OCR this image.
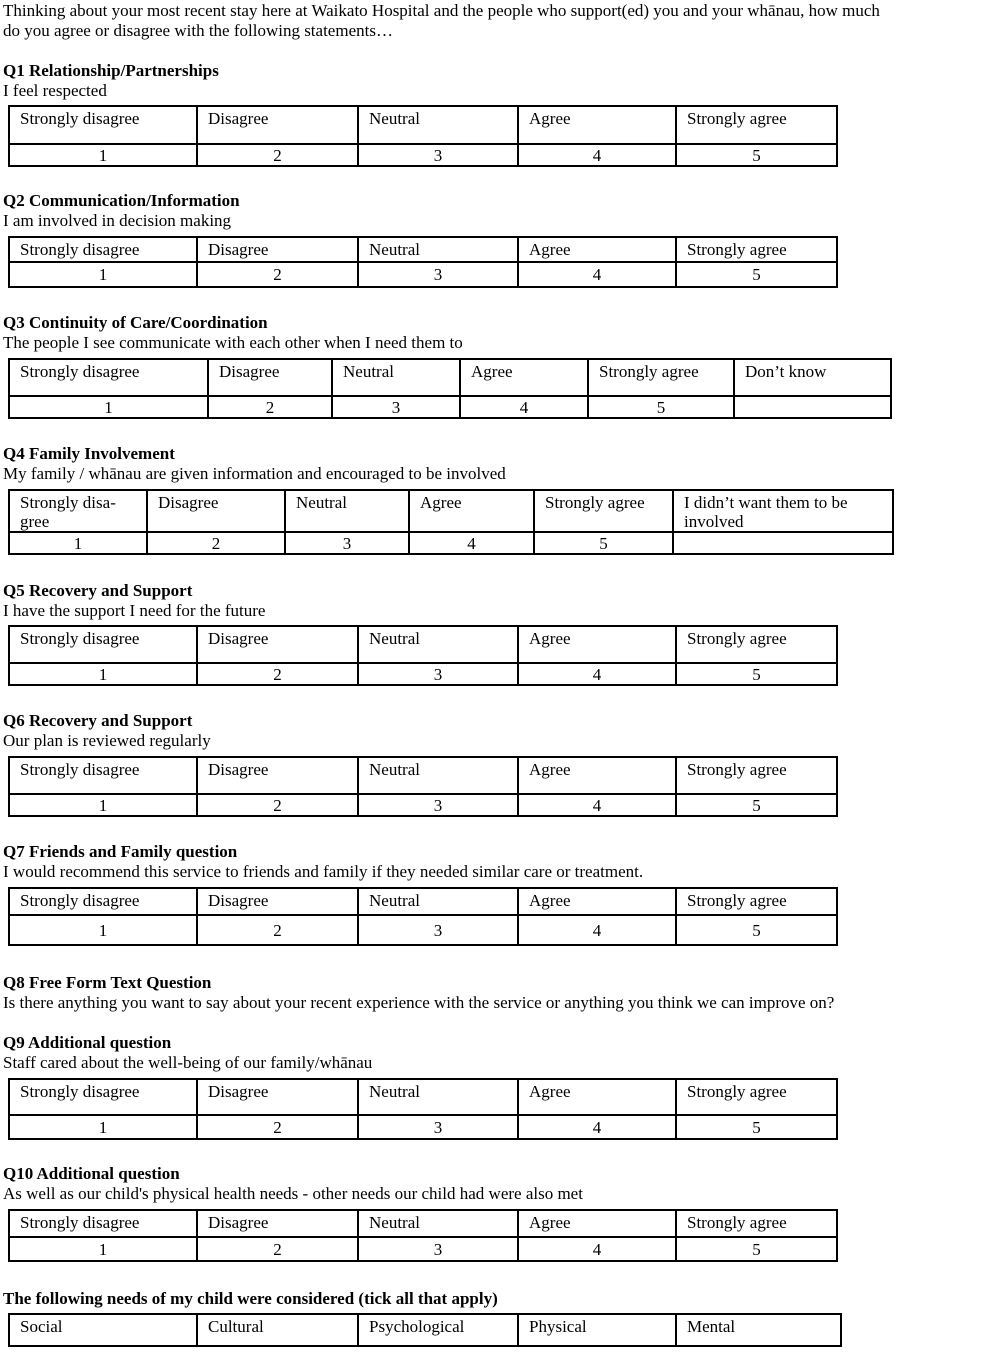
Thinking about your most recent stay here at Waikato Hospital and the people who support(ed) you and your whānau, how much
do you agree or disagree with the following statements…
Q1 Relationship/Partnerships
I feel respected
Strongly disagree	Disagree	Neutral	Agree	Strongly agree
1	2	3	4	5
Q2 Communication/Information
I am involved in decision making
Strongly disagree	Disagree	Neutral	Agree	Strongly agree
1	2	3	4	5
Q3 Continuity of Care/Coordination
The people I see communicate with each other when I need them to
Strongly disagree	Disagree	Neutral	Agree	Strongly agree	Don’t know
1	2	3	4	5	
Q4 Family Involvement
My family / whānau are given information and encouraged to be involved
Strongly disa-
gree	Disagree	Neutral	Agree	Strongly agree	I didn’t want them to be involved
1	2	3	4	5	
Q5 Recovery and Support
I have the support I need for the future
Strongly disagree	Disagree	Neutral	Agree	Strongly agree
1	2	3	4	5
Q6 Recovery and Support
Our plan is reviewed regularly
Strongly disagree	Disagree	Neutral	Agree	Strongly agree
1	2	3	4	5
Q7 Friends and Family question
I would recommend this service to friends and family if they needed similar care or treatment.
Strongly disagree	Disagree	Neutral	Agree	Strongly agree
1	2	3	4	5
Q8 Free Form Text Question
Is there anything you want to say about your recent experience with the service or anything you think we can improve on?
Q9 Additional question
Staff cared about the well-being of our family/whānau
Strongly disagree	Disagree	Neutral	Agree	Strongly agree
1	2	3	4	5
Q10 Additional question
As well as our child's physical health needs - other needs our child had were also met
Strongly disagree	Disagree	Neutral	Agree	Strongly agree
1	2	3	4	5
The following needs of my child were considered (tick all that apply)
Social	Cultural	Psychological	Physical	Mental
